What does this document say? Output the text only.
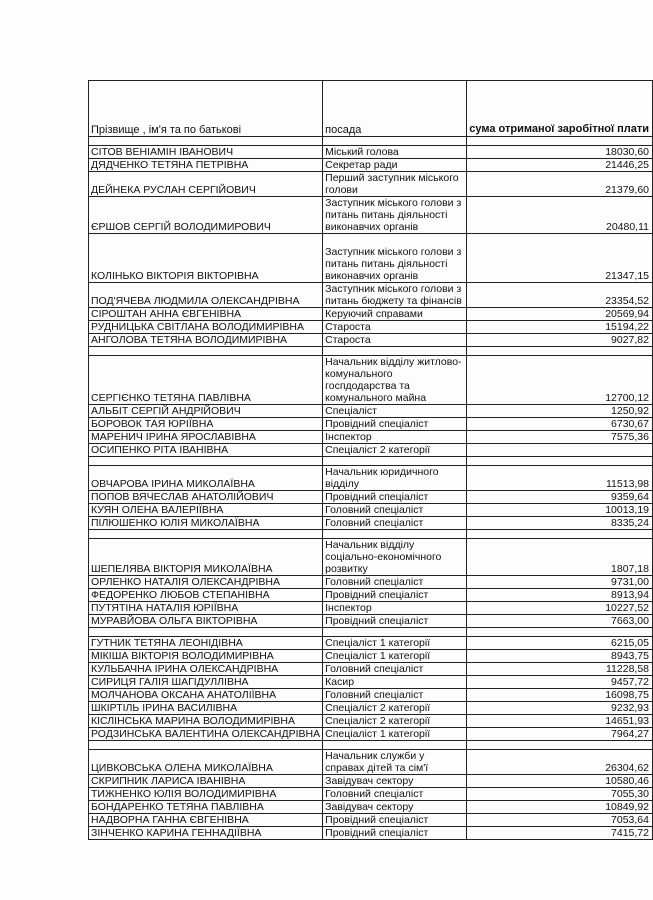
Прізвище , ім'я та по батькові	посада	сума отриманої заробітної плати

СІТОВ ВЕНІАМІН ІВАНОВИЧ	Міський голова	18030,60
ДЯДЧЕНКО ТЕТЯНА ПЕТРІВНА	Секретар ради	21446,25
ДЕЙНЕКА РУСЛАН СЕРГІЙОВИЧ	Перший заступник міського голови	21379,60
ЄРШОВ СЕРГІЙ ВОЛОДИМИРОВИЧ	Заступник міського голови з питань питань діяльності виконавчих органів	20480,11
КОЛІНЬКО ВІКТОРІЯ ВІКТОРІВНА	Заступник міського голови з питань питань діяльності виконавчих органів	21347,15
ПОД'ЯЧЕВА ЛЮДМИЛА ОЛЕКСАНДРІВНА	Заступник міського голови з питань бюджету та фінансів	23354,52
СІРОШТАН АННА ЄВГЕНІВНА	Керуючий справами	20569,94
РУДНИЦЬКА СВІТЛАНА ВОЛОДИМИРІВНА	Староста	15194,22
АНГОЛОВА ТЕТЯНА ВОЛОДИМИРІВНА	Староста	9027,82

СЕРГІЄНКО ТЕТЯНА ПАВЛІВНА	Начальник відділу житлово-комунального госпдодарства та комунального майна	12700,12
АЛЬБІТ СЕРГІЙ АНДРІЙОВИЧ	Спеціаліст	1250,92
БОРОВОК ТАЯ ЮРІЇВНА	Провідний спеціаліст	6730,67
МАРЕНИЧ ІРИНА ЯРОСЛАВІВНА	Інспектор	7575,36
ОСИПЕНКО РІТА ІВАНІВНА	Спеціаліст 2 категорії	

ОВЧАРОВА ІРИНА МИКОЛАЇВНА	Начальник юридичного відділу	11513,98
ПОПОВ ВЯЧЕСЛАВ АНАТОЛІЙОВИЧ	Провідний спеціаліст	9359,64
КУЯН ОЛЕНА ВАЛЕРІЇВНА	Головний спеціаліст	10013,19
ПІЛЮШЕНКО ЮЛІЯ МИКОЛАЇВНА	Головний спеціаліст	8335,24

ШЕПЕЛЯВА ВІКТОРІЯ МИКОЛАЇВНА	Начальник відділу соціально-економічного розвитку	1807,18
ОРЛЕНКО НАТАЛІЯ ОЛЕКСАНДРІВНА	Головний спеціаліст	9731,00
ФЕДОРЕНКО ЛЮБОВ СТЕПАНІВНА	Провідний спеціаліст	8913,94
ПУТЯТІНА НАТАЛІЯ ЮРІЇВНА	Інспектор	10227,52
МУРАВЙОВА ОЛЬГА ВІКТОРІВНА	Провідний спеціаліст	7663,00

ГУТНИК ТЕТЯНА ЛЕОНІДІВНА	Спеціаліст 1 категорії	6215,05
МІКІША ВІКТОРІЯ ВОЛОДИМИРІВНА	Спеціаліст 1 категорії	8943,75
КУЛЬБАЧНА ІРИНА ОЛЕКСАНДРІВНА	Головний спеціаліст	11228,58
СИРИЦЯ ГАЛІЯ ШАГІДУЛЛІВНА	Касир	9457,72
МОЛЧАНОВА ОКСАНА АНАТОЛІЇВНА	Головний спеціаліст	16098,75
ШКІРТІЛЬ ІРИНА ВАСИЛІВНА	Спеціаліст 2 категорії	9232,93
КІСЛІНСЬКА МАРИНА ВОЛОДИМИРІВНА	Спеціаліст 2 категорії	14651,93
РОДЗИНСЬКА ВАЛЕНТИНА ОЛЕКСАНДРІВНА	Спеціаліст 1 категорії	7964,27

ЦИВКОВСЬКА ОЛЕНА МИКОЛАЇВНА	Начальник служби у справах дітей та сім'ї	26304,62
СКРИПНИК ЛАРИСА ІВАНІВНА	Завідувач сектору	10580,46
ТИЖНЕНКО ЮЛІЯ ВОЛОДИМИРІВНА	Головний спеціаліст	7055,30
БОНДАРЕНКО ТЕТЯНА ПАВЛІВНА	Завідувач сектору	10849,92
НАДВОРНА ГАННА ЄВГЕНІВНА	Провідний спеціаліст	7053,64
ЗІНЧЕНКО КАРИНА ГЕННАДІЇВНА	Провідний спеціаліст	7415,72
